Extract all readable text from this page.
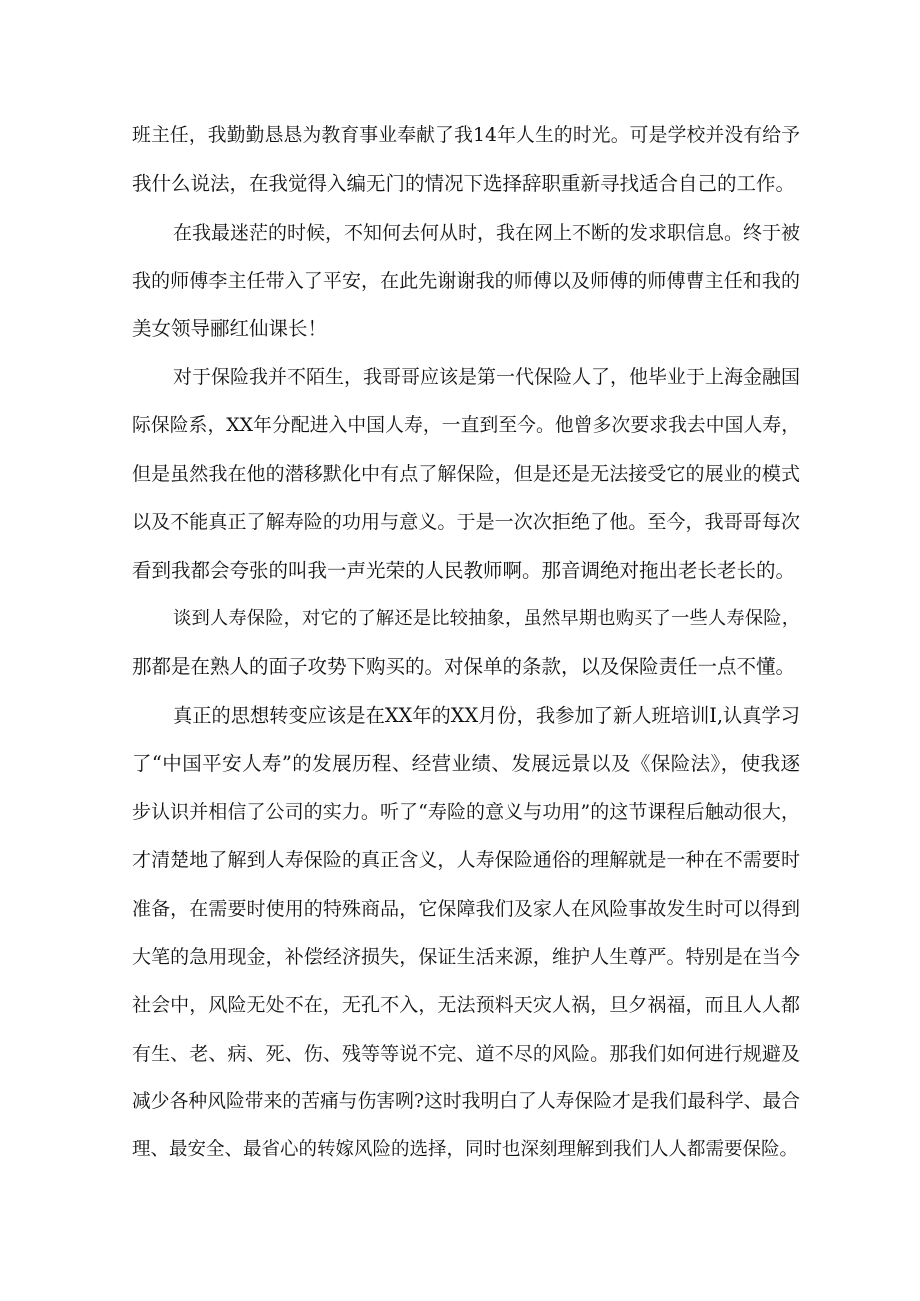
班主任，我勤勤恳恳为教育事业奉献了我14年人生的时光。可是学校并没有给予
我什么说法，在我觉得入编无门的情况下选择辞职重新寻找适合自己的工作。
在我最迷茫的时候，不知何去何从时，我在网上不断的发求职信息。终于被
我的师傅李主任带入了平安，在此先谢谢我的师傅以及师傅的师傅曹主任和我的
美女领导郦红仙课长！
对于保险我并不陌生，我哥哥应该是第一代保险人了，他毕业于上海金融国
际保险系，XX年分配进入中国人寿，一直到至今。他曾多次要求我去中国人寿，
但是虽然我在他的潜移默化中有点了解保险，但是还是无法接受它的展业的模式
以及不能真正了解寿险的功用与意义。于是一次次拒绝了他。至今，我哥哥每次
看到我都会夸张的叫我一声光荣的人民教师啊。那音调绝对拖出老长老长的。
谈到人寿保险，对它的了解还是比较抽象，虽然早期也购买了一些人寿保险，
那都是在熟人的面子攻势下购买的。对保单的条款，以及保险责任一点不懂。
真正的思想转变应该是在XX年的XX月份，我参加了新人班培训I,认真学习
了“中国平安人寿”的发展历程、经营业绩、发展远景以及《保险法》，使我逐
步认识并相信了公司的实力。听了“寿险的意义与功用”的这节课程后触动很大，
才清楚地了解到人寿保险的真正含义，人寿保险通俗的理解就是一种在不需要时
准备，在需要时使用的特殊商品，它保障我们及家人在风险事故发生时可以得到
大笔的急用现金，补偿经济损失，保证生活来源，维护人生尊严。特别是在当今
社会中，风险无处不在，无孔不入，无法预料天灾人祸，旦夕祸福，而且人人都
有生、老、病、死、伤、残等等说不完、道不尽的风险。那我们如何进行规避及
减少各种风险带来的苦痛与伤害咧?这时我明白了人寿保险才是我们最科学、最合
理、最安全、最省心的转嫁风险的选择，同时也深刻理解到我们人人都需要保险。
